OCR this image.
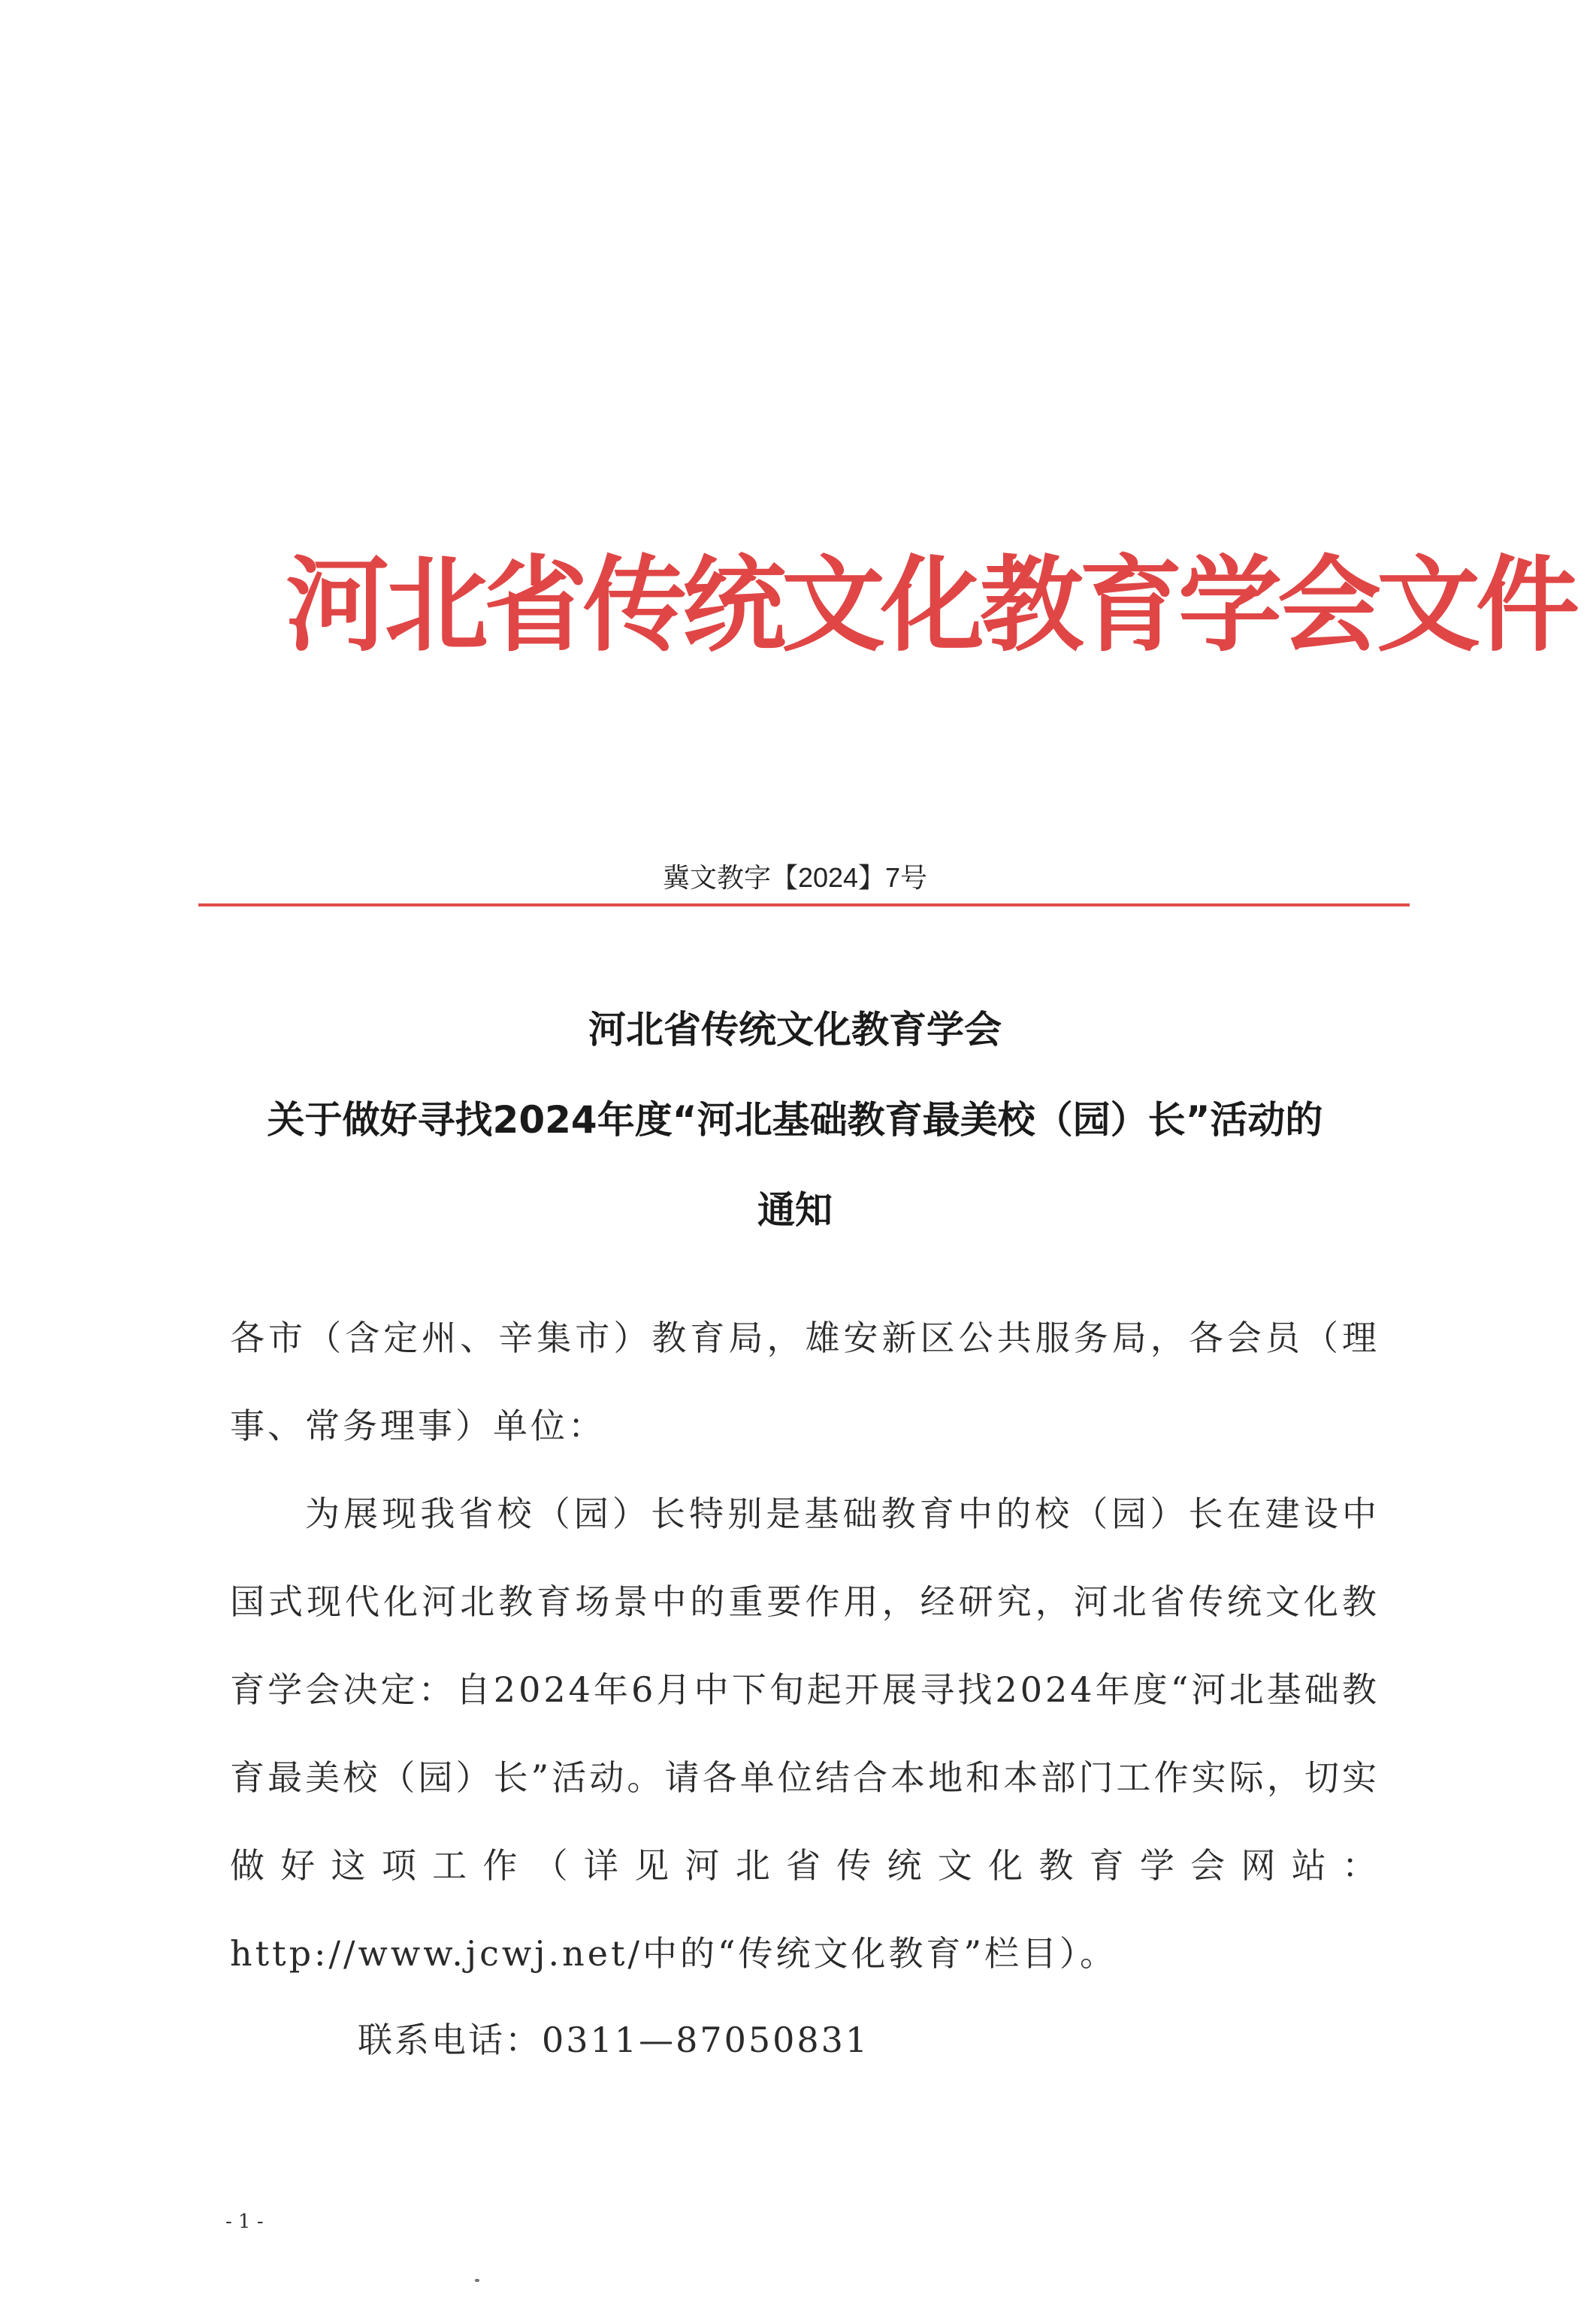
河北省传统文化教育学会文件
冀文教字【2024】7号
河北省传统文化教育学会
关于做好寻找2024年度“河北基础教育最美校（园）长”活动的
通知
各市（含定州、辛集市）教育局，雄安新区公共服务局，各会员（理事、常务理事）单位：
为展现我省校（园）长特别是基础教育中的校（园）长在建设中国式现代化河北教育场景中的重要作用，经研究，河北省传统文化教育学会决定：自2024年6月中下旬起开展寻找2024年度“河北基础教育最美校（园）长”活动。请各单位结合本地和本部门工作实际，切实做好这项工作（详见河北省传统文化教育学会网站：http://www.jcwj.net/中的“传统文化教育”栏目）。
联系电话：0311—87050831
- 1 -
